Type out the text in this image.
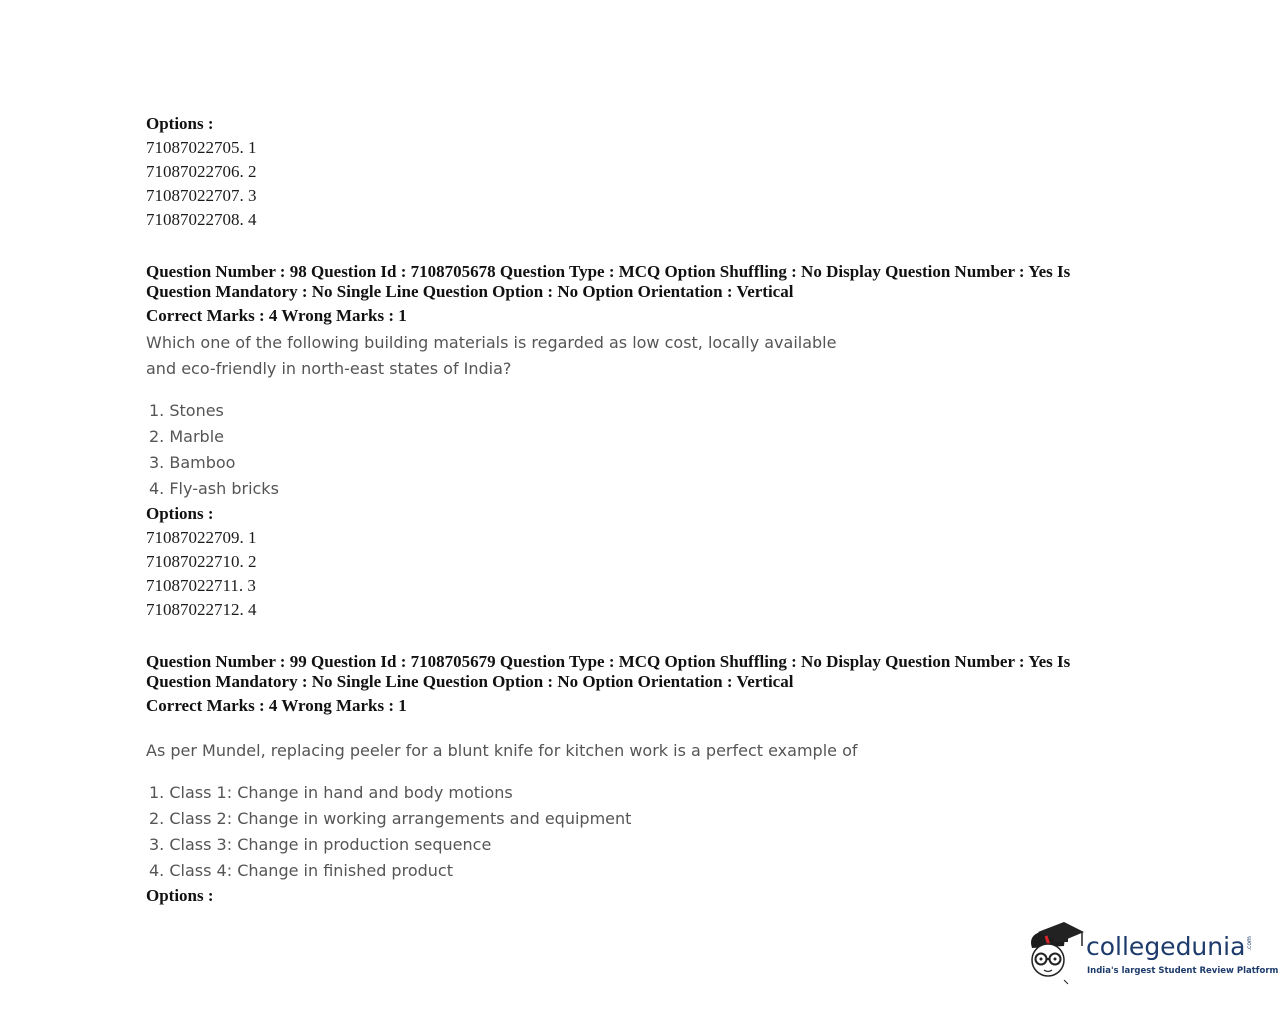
Options :
71087022705. 1
71087022706. 2
71087022707. 3
71087022708. 4
Question Number : 98 Question Id : 7108705678 Question Type : MCQ Option Shuffling : No Display Question Number : Yes Is
Question Mandatory : No Single Line Question Option : No Option Orientation : Vertical
Correct Marks : 4 Wrong Marks : 1
Which one of the following building materials is regarded as low cost, locally available
and eco-friendly in north-east states of India?
1. Stones
2. Marble
3. Bamboo
4. Fly-ash bricks
Options :
71087022709. 1
71087022710. 2
71087022711. 3
71087022712. 4
Question Number : 99 Question Id : 7108705679 Question Type : MCQ Option Shuffling : No Display Question Number : Yes Is
Question Mandatory : No Single Line Question Option : No Option Orientation : Vertical
Correct Marks : 4 Wrong Marks : 1
As per Mundel, replacing peeler for a blunt knife for kitchen work is a perfect example of
1. Class 1: Change in hand and body motions
2. Class 2: Change in working arrangements and equipment
3. Class 3: Change in production sequence
4. Class 4: Change in finished product
Options :
collegedunia .com
India's largest Student Review Platform
